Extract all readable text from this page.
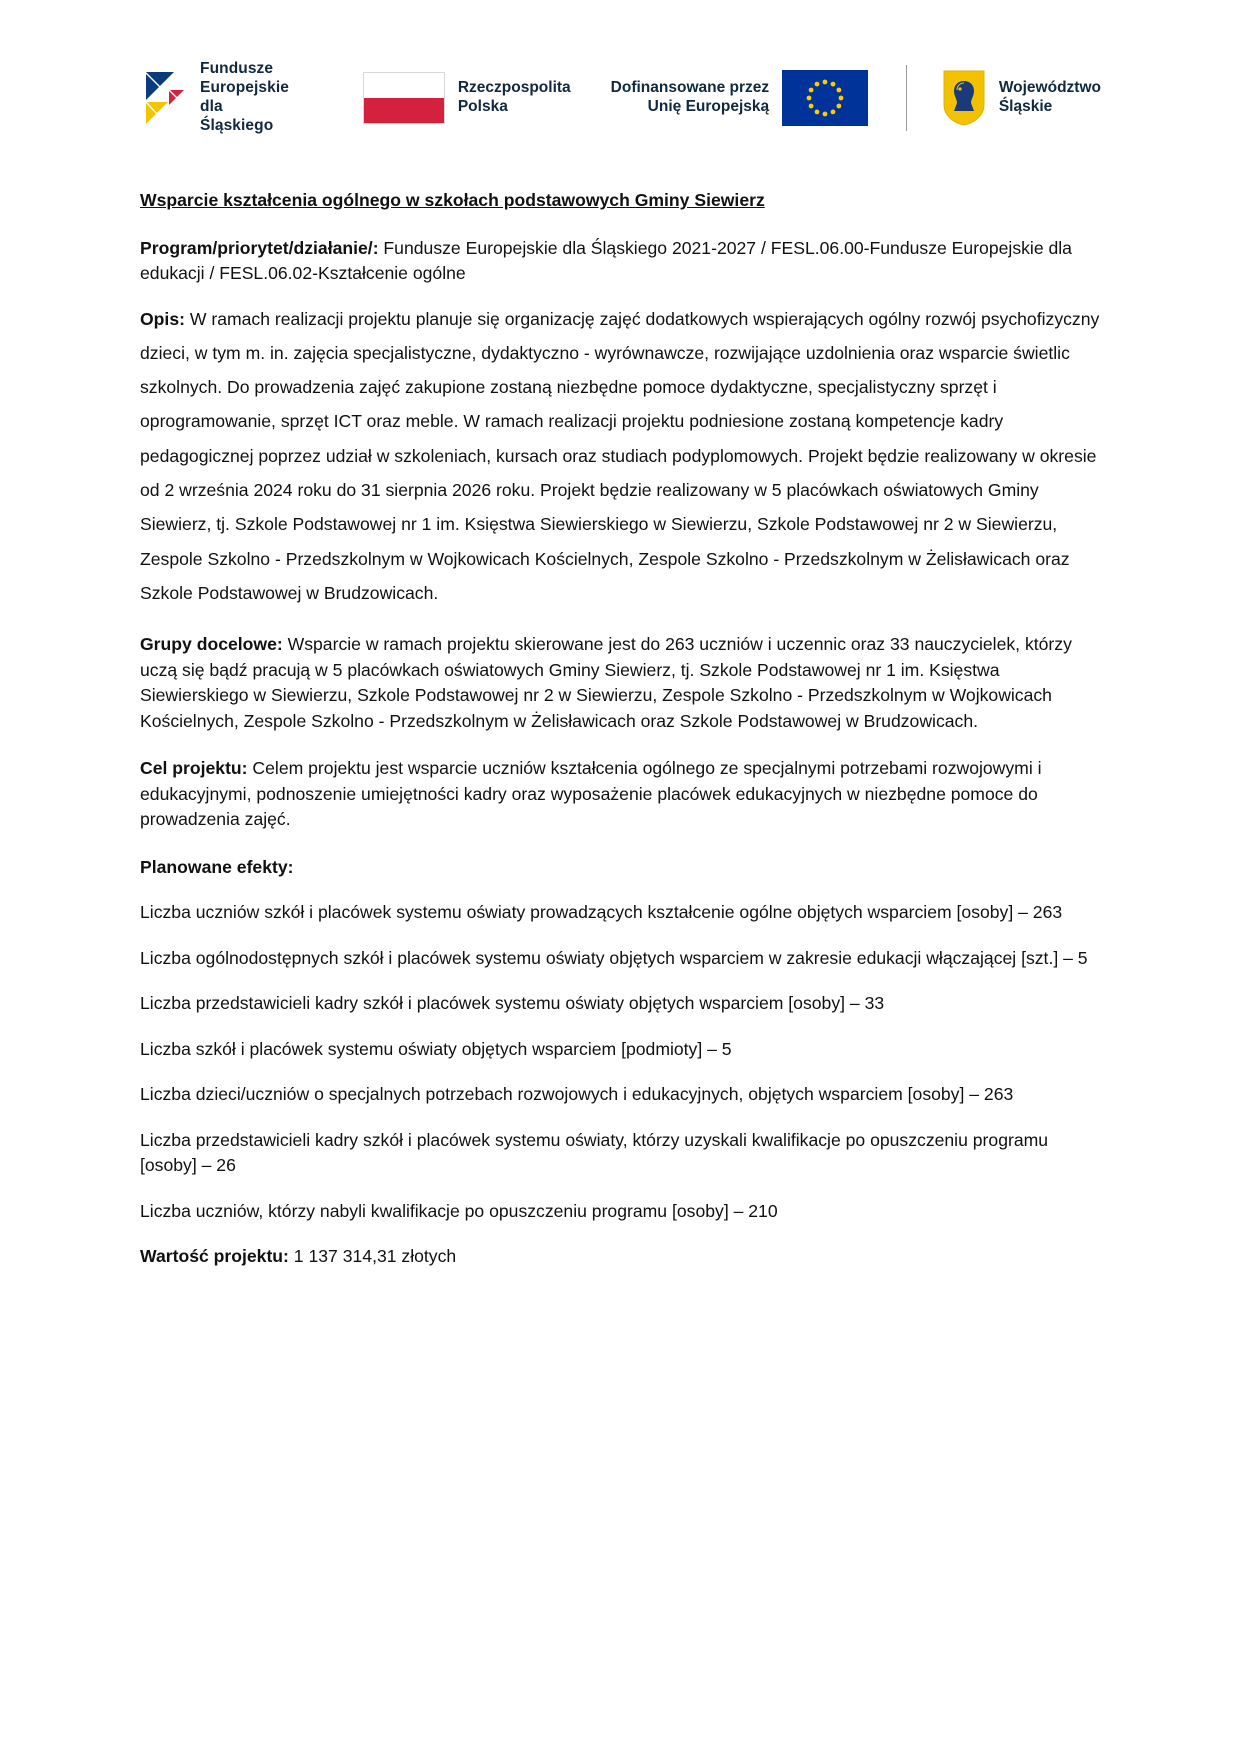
Fundusze Europejskie
dla Śląskiego
Rzeczpospolita
Polska
Dofinansowane przez
Unię Europejską
Województwo
Śląskie

Wsparcie kształcenia ogólnego w szkołach podstawowych Gminy Siewierz

Program/priorytet/działanie/: Fundusze Europejskie dla Śląskiego 2021-2027 / FESL.06.00-Fundusze Europejskie dla edukacji / FESL.06.02-Kształcenie ogólne

Opis: W ramach realizacji projektu planuje się organizację zajęć dodatkowych wspierających ogólny rozwój psychofizyczny dzieci, w tym m. in. zajęcia specjalistyczne, dydaktyczno - wyrównawcze, rozwijające uzdolnienia oraz wsparcie świetlic szkolnych. Do prowadzenia zajęć zakupione zostaną niezbędne pomoce dydaktyczne, specjalistyczny sprzęt i oprogramowanie, sprzęt ICT oraz meble. W ramach realizacji projektu podniesione zostaną kompetencje kadry pedagogicznej poprzez udział w szkoleniach, kursach oraz studiach podyplomowych. Projekt będzie realizowany w okresie od 2 września 2024 roku do 31 sierpnia 2026 roku. Projekt będzie realizowany w 5 placówkach oświatowych Gminy Siewierz, tj. Szkole Podstawowej nr 1 im. Księstwa Siewierskiego w Siewierzu, Szkole Podstawowej nr 2 w Siewierzu, Zespole Szkolno - Przedszkolnym w Wojkowicach Kościelnych, Zespole Szkolno - Przedszkolnym w Żelisławicach oraz Szkole Podstawowej w Brudzowicach.

Grupy docelowe: Wsparcie w ramach projektu skierowane jest do 263 uczniów i uczennic oraz 33 nauczycielek, którzy uczą się bądź pracują w 5 placówkach oświatowych Gminy Siewierz, tj. Szkole Podstawowej nr 1 im. Księstwa Siewierskiego w Siewierzu, Szkole Podstawowej nr 2 w Siewierzu, Zespole Szkolno - Przedszkolnym w Wojkowicach Kościelnych, Zespole Szkolno - Przedszkolnym w Żelisławicach oraz Szkole Podstawowej w Brudzowicach.

Cel projektu: Celem projektu jest wsparcie uczniów kształcenia ogólnego ze specjalnymi potrzebami rozwojowymi i edukacyjnymi, podnoszenie umiejętności kadry oraz wyposażenie placówek edukacyjnych w niezbędne pomoce do prowadzenia zajęć.

Planowane efekty:

Liczba uczniów szkół i placówek systemu oświaty prowadzących kształcenie ogólne objętych wsparciem [osoby] – 263

Liczba ogólnodostępnych szkół i placówek systemu oświaty objętych wsparciem w zakresie edukacji włączającej [szt.] – 5

Liczba przedstawicieli kadry szkół i placówek systemu oświaty objętych wsparciem [osoby] – 33

Liczba szkół i placówek systemu oświaty objętych wsparciem [podmioty] – 5

Liczba dzieci/uczniów o specjalnych potrzebach rozwojowych i edukacyjnych, objętych wsparciem [osoby] – 263

Liczba przedstawicieli kadry szkół i placówek systemu oświaty, którzy uzyskali kwalifikacje po opuszczeniu programu [osoby] – 26

Liczba uczniów, którzy nabyli kwalifikacje po opuszczeniu programu [osoby] – 210

Wartość projektu: 1 137 314,31 złotych
